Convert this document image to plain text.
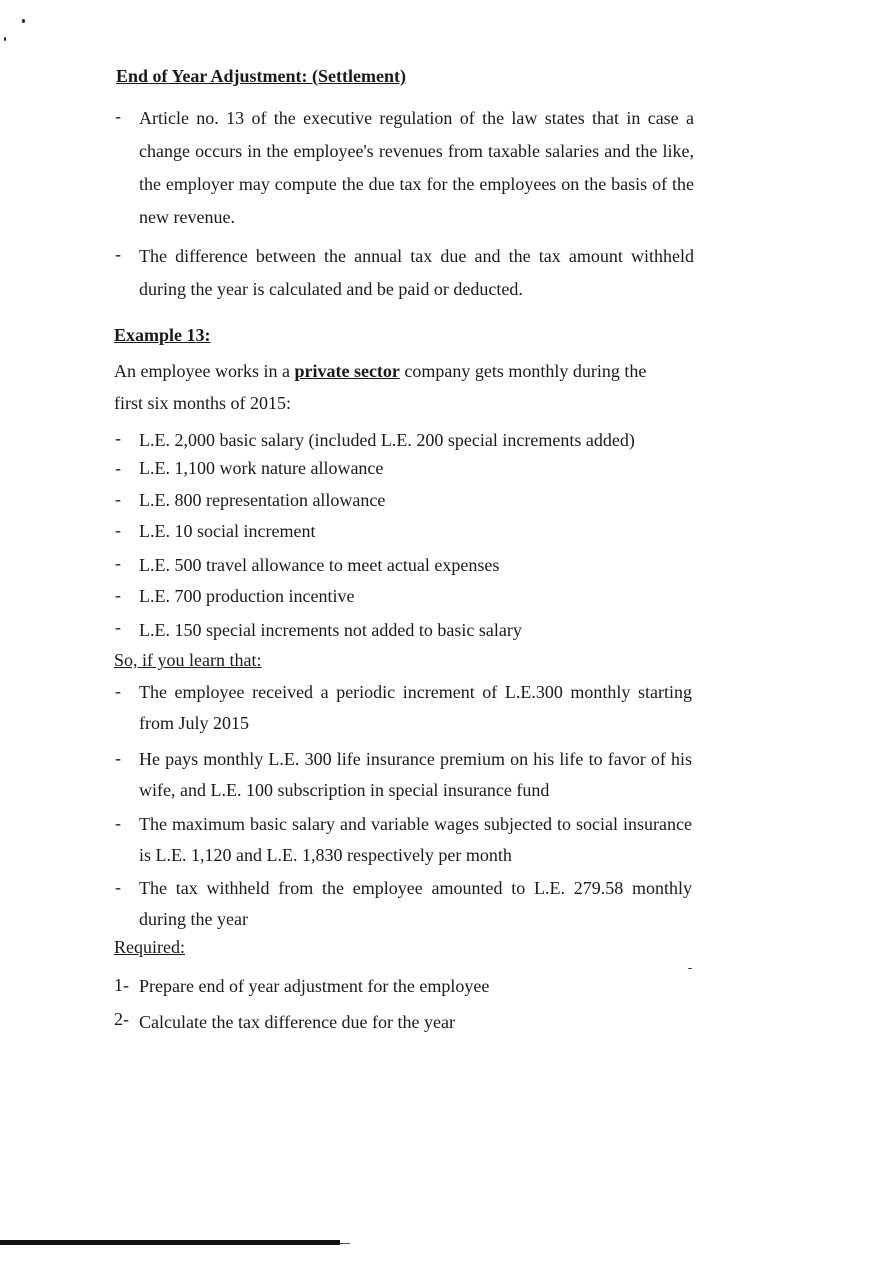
End of Year Adjustment: (Settlement)
-	Article no. 13 of the executive regulation of the law states that in case a change occurs in the employee's revenues from taxable salaries and the like, the employer may compute the due tax for the employees on the basis of the new revenue.
-	The difference between the annual tax due and the tax amount withheld during the year is calculated and be paid or deducted.
Example 13:
An employee works in a private sector company gets monthly during the
first six months of 2015:
-	L.E. 2,000 basic salary (included L.E. 200 special increments added)
-	L.E. 1,100 work nature allowance
-	L.E. 800 representation allowance
-	L.E. 10 social increment
-	L.E. 500 travel allowance to meet actual expenses
-	L.E. 700 production incentive
-	L.E. 150 special increments not added to basic salary
So, if you learn that:
-	The employee received a periodic increment of L.E.300 monthly starting from July 2015
-	He pays monthly L.E. 300 life insurance premium on his life to favor of his wife, and L.E. 100 subscription in special insurance fund
-	The maximum basic salary and variable wages subjected to social insurance is L.E. 1,120 and L.E. 1,830 respectively per month
-	The tax withheld from the employee amounted to L.E. 279.58 monthly during the year
Required:
1- Prepare end of year adjustment for the employee
2- Calculate the tax difference due for the year
